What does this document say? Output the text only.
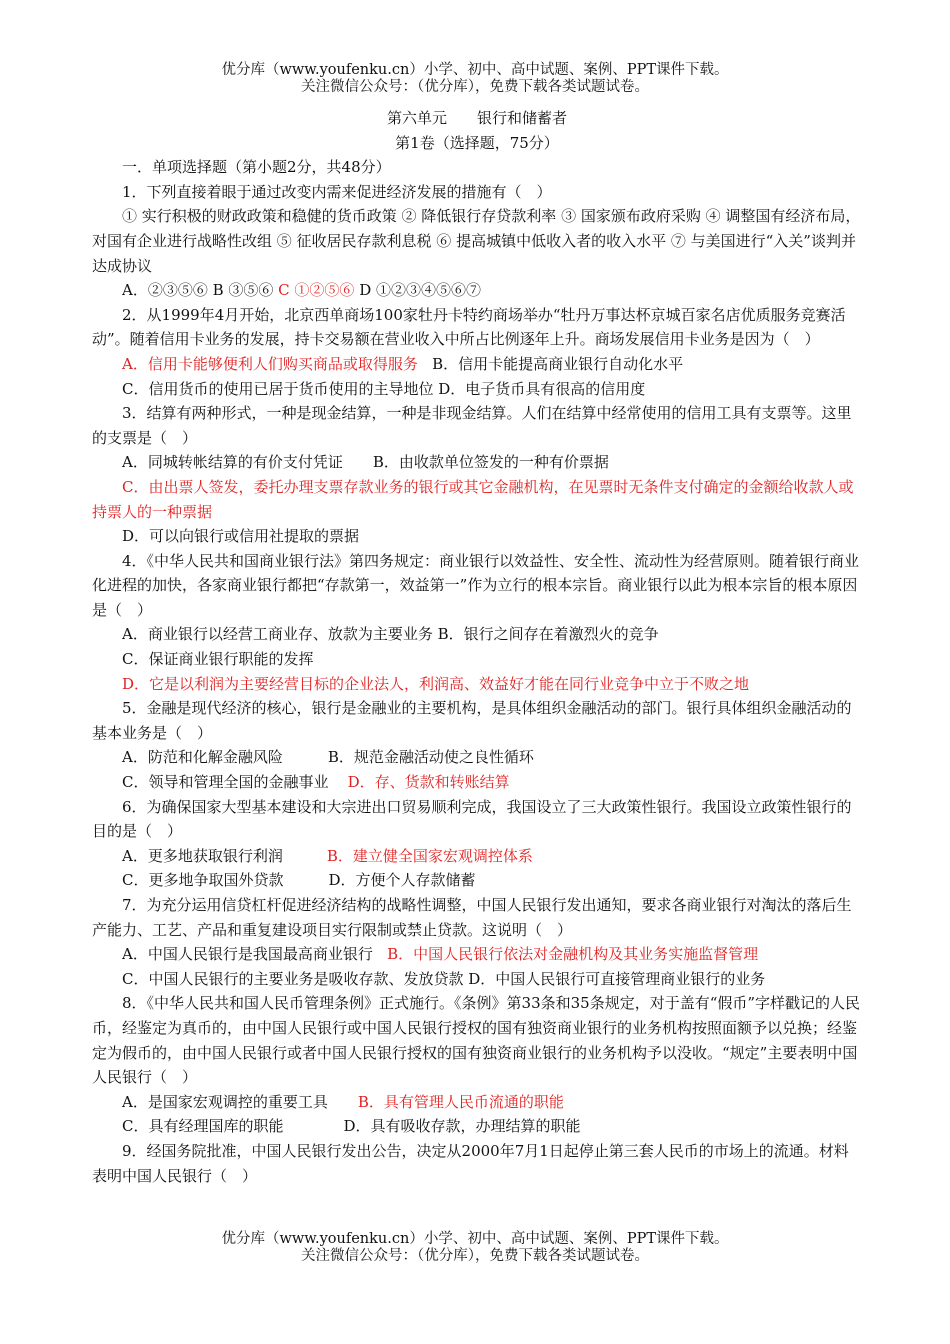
优分库（www.youfenku.cn）小学、初中、高中试题、案例、PPT课件下载。
关注微信公众号：（优分库），免费下载各类试题试卷。

第六单元　　银行和储蓄者

第1卷（选择题，75分）

一．单项选择题（第小题2分，共48分）

1．下列直接着眼于通过改变内需来促进经济发展的措施有（　）

① 实行积极的财政政策和稳健的货币政策 ② 降低银行存贷款利率 ③ 国家颁布政府采购 ④ 调整国有经济布局，对国有企业进行战略性改组 ⑤ 征收居民存款利息税 ⑥ 提高城镇中低收入者的收入水平 ⑦ 与美国进行“入关”谈判并达成协议

A．②③⑤⑥ B ③⑤⑥ C ①②⑤⑥ D ①②③④⑤⑥⑦

2．从1999年4月开始，北京西单商场100家牡丹卡特约商场举办“牡丹万事达杯京城百家名店优质服务竞赛活动”。随着信用卡业务的发展，持卡交易额在营业收入中所占比例逐年上升。商场发展信用卡业务是因为（　）

A．信用卡能够便利人们购买商品或取得服务 B．信用卡能提高商业银行自动化水平

C．信用货币的使用已居于货币使用的主导地位 D．电子货币具有很高的信用度

3．结算有两种形式，一种是现金结算，一种是非现金结算。人们在结算中经常使用的信用工具有支票等。这里的支票是（　）

A．同城转帐结算的有价支付凭证　　B．由收款单位签发的一种有价票据

C．由出票人签发，委托办理支票存款业务的银行或其它金融机构，在见票时无条件支付确定的金额给收款人或持票人的一种票据

D．可以向银行或信用社提取的票据

4．《中华人民共和国商业银行法》第四务规定：商业银行以效益性、安全性、流动性为经营原则。随着银行商业化进程的加快，各家商业银行都把“存款第一，效益第一”作为立行的根本宗旨。商业银行以此为根本宗旨的根本原因是（　）

A．商业银行以经营工商业存、放款为主要业务 B．银行之间存在着激烈火的竞争

C．保证商业银行职能的发挥

D．它是以利润为主要经营目标的企业法人，利润高、效益好才能在同行业竞争中立于不败之地

5．金融是现代经济的核心，银行是金融业的主要机构，是具体组织金融活动的部门。银行具体组织金融活动的基本业务是（　）

A．防范和化解金融风险　　　B．规范金融活动使之良性循环

C．领导和管理全国的金融事业 D．存、货款和转账结算

6．为确保国家大型基本建设和大宗进出口贸易顺利完成，我国设立了三大政策性银行。我国设立政策性银行的目的是（　）

A．更多地获取银行利润	B．建立健全国家宏观调控体系

C．更多地争取国外贷款　　　D．方便个人存款储蓄

7．为充分运用信贷杠杆促进经济结构的战略性调整，中国人民银行发出通知，要求各商业银行对淘汰的落后生产能力、工艺、产品和重复建设项目实行限制或禁止贷款。这说明（　）

A．中国人民银行是我国最高商业银行 B．中国人民银行依法对金融机构及其业务实施监督管理

C．中国人民银行的主要业务是吸收存款、发放贷款 D．中国人民银行可直接管理商业银行的业务

8．《中华人民共和国人民币管理条例》正式施行。《条例》第33条和35条规定，对于盖有“假币”字样戳记的人民币，经鉴定为真币的，由中国人民银行或中国人民银行授权的国有独资商业银行的业务机构按照面额予以兑换；经鉴定为假币的，由中国人民银行或者中国人民银行授权的国有独资商业银行的业务机构予以没收。“规定”主要表明中国人民银行（　）

A．是国家宏观调控的重要工具 B．具有管理人民币流通的职能

C．具有经理国库的职能　　　　D．具有吸收存款，办理结算的职能

9．经国务院批准，中国人民银行发出公告，决定从2000年7月1日起停止第三套人民币的市场上的流通。材料表明中国人民银行（　）

优分库（www.youfenku.cn）小学、初中、高中试题、案例、PPT课件下载。
关注微信公众号：（优分库），免费下载各类试题试卷。
